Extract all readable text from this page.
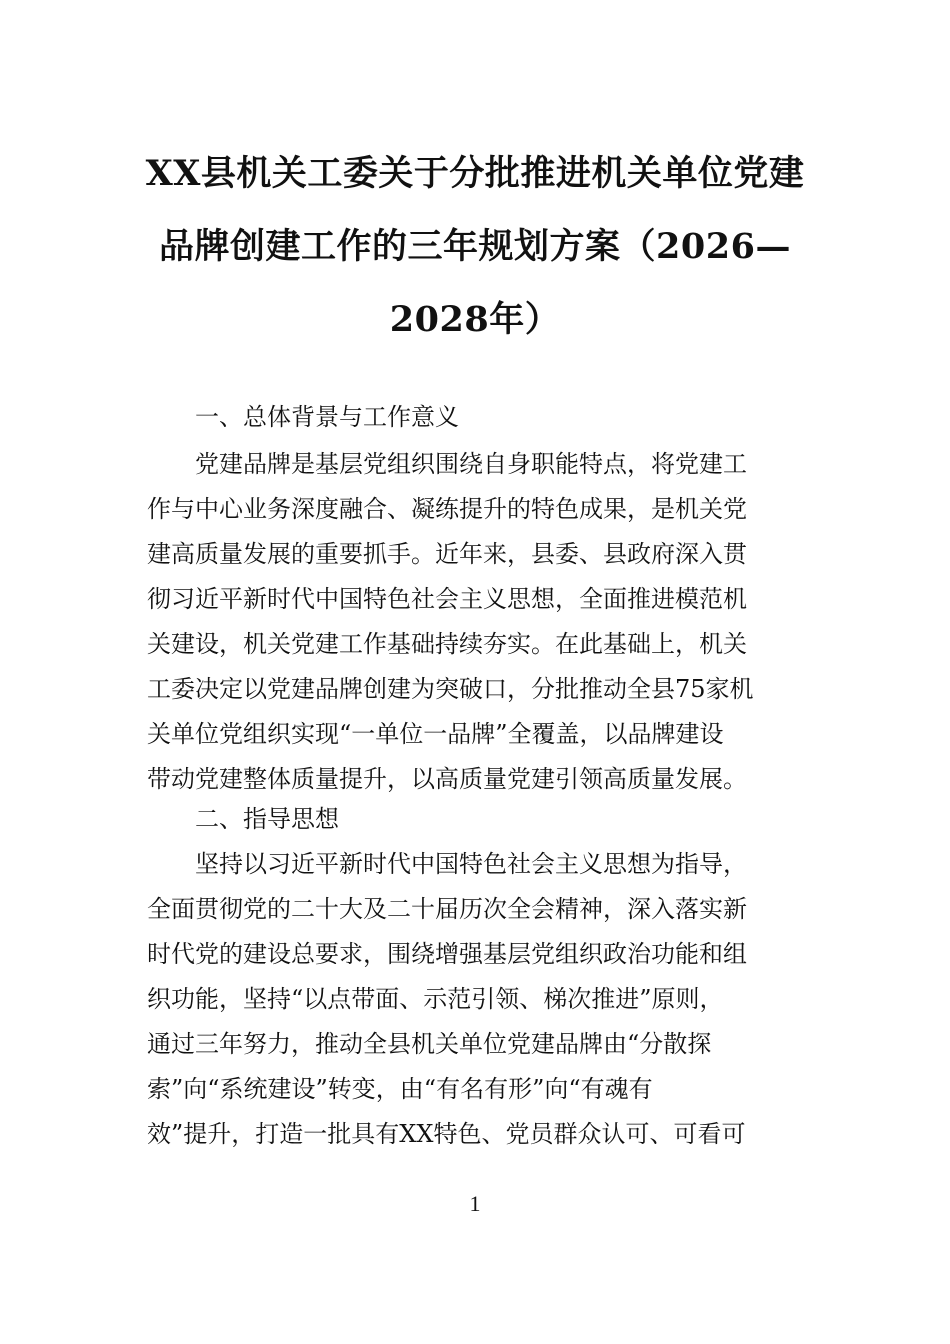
XX县机关工委关于分批推进机关单位党建
品牌创建工作的三年规划方案（2026—
2028年）
一、总体背景与工作意义
党建品牌是基层党组织围绕自身职能特点，将党建工
作与中心业务深度融合、凝练提升的特色成果，是机关党
建高质量发展的重要抓手。近年来，县委、县政府深入贯
彻习近平新时代中国特色社会主义思想，全面推进模范机
关建设，机关党建工作基础持续夯实。在此基础上，机关
工委决定以党建品牌创建为突破口，分批推动全县75家机
关单位党组织实现“一单位一品牌”全覆盖，以品牌建设
带动党建整体质量提升，以高质量党建引领高质量发展。
二、指导思想
坚持以习近平新时代中国特色社会主义思想为指导，
全面贯彻党的二十大及二十届历次全会精神，深入落实新
时代党的建设总要求，围绕增强基层党组织政治功能和组
织功能，坚持“以点带面、示范引领、梯次推进”原则，
通过三年努力，推动全县机关单位党建品牌由“分散探
索”向“系统建设”转变，由“有名有形”向“有魂有
效”提升，打造一批具有XX特色、党员群众认可、可看可
1
